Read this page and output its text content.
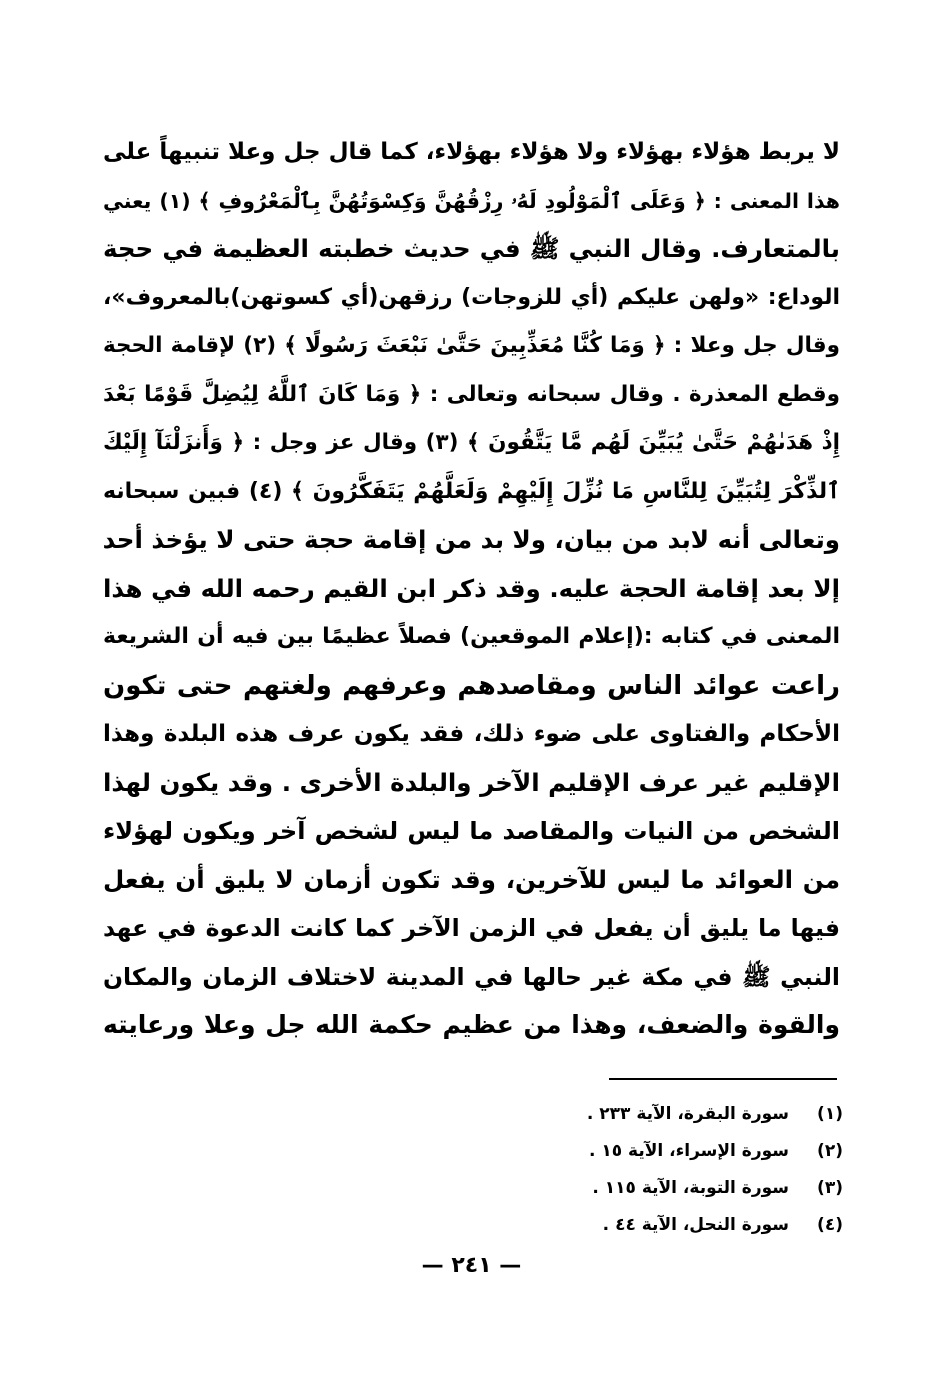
لا يربط هؤلاء بهؤلاء ولا هؤلاء بهؤلاء، كما قال جل وعلا تنبيهاً على
هذا المعنى : ﴿ وَعَلَى ٱلْمَوْلُودِ لَهُۥ رِزْقُهُنَّ وَكِسْوَتُهُنَّ بِٱلْمَعْرُوفِ ﴾ (١) يعني
بالمتعارف. وقال النبي ﷺ في حديث خطبته العظيمة في حجة
الوداع: «ولهن عليكم (أي للزوجات) رزقهن(أي كسوتهن)بالمعروف»،
وقال جل وعلا : ﴿ وَمَا كُنَّا مُعَذِّبِينَ حَتَّىٰ نَبْعَثَ رَسُولًا ﴾ (٢) لإقامة الحجة
وقطع المعذرة . وقال سبحانه وتعالى : ﴿ وَمَا كَانَ ٱللَّهُ لِيُضِلَّ قَوْمًا بَعْدَ
إِذْ هَدَىٰهُمْ حَتَّىٰ يُبَيِّنَ لَهُم مَّا يَتَّقُونَ ﴾ (٣) وقال عز وجل : ﴿ وَأَنزَلْنَآ إِلَيْكَ
ٱلذِّكْرَ لِتُبَيِّنَ لِلنَّاسِ مَا نُزِّلَ إِلَيْهِمْ وَلَعَلَّهُمْ يَتَفَكَّرُونَ ﴾ (٤) فبين سبحانه
وتعالى أنه لابد من بيان، ولا بد من إقامة حجة حتى لا يؤخذ أحد
إلا بعد إقامة الحجة عليه. وقد ذكر ابن القيم رحمه الله في هذا
المعنى في كتابه :(إعلام الموقعين) فصلاً عظيمًا بين فيه أن الشريعة
راعت عوائد الناس ومقاصدهم وعرفهم ولغتهم حتى تكون
الأحكام والفتاوى على ضوء ذلك، فقد يكون عرف هذه البلدة وهذا
الإقليم غير عرف الإقليم الآخر والبلدة الأخرى . وقد يكون لهذا
الشخص من النيات والمقاصد ما ليس لشخص آخر ويكون لهؤلاء
من العوائد ما ليس للآخرين، وقد تكون أزمان لا يليق أن يفعل
فيها ما يليق أن يفعل في الزمن الآخر كما كانت الدعوة في عهد
النبي ﷺ في مكة غير حالها في المدينة لاختلاف الزمان والمكان
والقوة والضعف، وهذا من عظيم حكمة الله جل وعلا ورعايته
(١)
سورة البقرة، الآية ٢٣٣ .
(٢)
سورة الإسراء، الآية ١٥ .
(٣)
سورة التوبة، الآية ١١٥ .
(٤)
سورة النحل، الآية ٤٤ .
— ٢٤١ —
